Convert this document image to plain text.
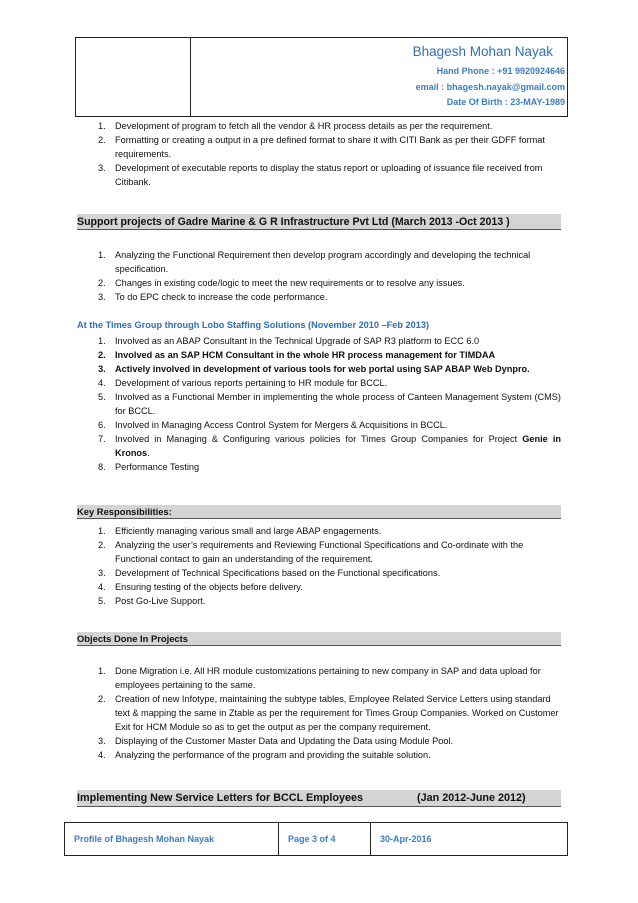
Bhagesh Mohan Nayak
Hand Phone : +91 9920924646
email : bhagesh.nayak@gmail.com
Date Of Birth : 23-MAY-1989
1. Development of program to fetch all the vendor & HR process details as per the requirement.
2. Formatting or creating a output in a pre defined format to share it with CITI Bank as per their GDFF format requirements.
3. Development of executable reports to display the status report or uploading of issuance file received from Citibank.
Support projects of Gadre Marine & G R Infrastructure Pvt Ltd (March 2013 -Oct 2013 )
1. Analyzing the Functional Requirement then develop program accordingly and developing the technical specification.
2. Changes in existing code/logic to meet the new requirements or to resolve any issues.
3. To do EPC check to increase the code performance.
At the Times Group through Lobo Staffing Solutions (November 2010 –Feb 2013)
1. Involved as an ABAP Consultant in the Technical Upgrade of SAP R3 platform to ECC 6.0
2. Involved as an SAP HCM Consultant in the whole HR process management for TIMDAA
3. Actively involved in development of various tools for web portal using SAP ABAP Web Dynpro.
4. Development of various reports pertaining to HR module for BCCL.
5. Involved as a Functional Member in implementing the whole process of Canteen Management System (CMS) for BCCL.
6. Involved in Managing Access Control System for Mergers & Acquisitions in BCCL.
7. Involved in Managing & Configuring various policies for Times Group Companies for Project Genie in Kronos.
8. Performance Testing
Key Responsibilities:
1. Efficiently managing various small and large ABAP engagements.
2. Analyzing the user’s requirements and Reviewing Functional Specifications and Co-ordinate with the Functional contact to gain an understanding of the requirement.
3. Development of Technical Specifications based on the Functional specifications.
4. Ensuring testing of the objects before delivery.
5. Post Go-Live Support.
Objects Done In Projects
1. Done Migration i.e. All HR module customizations pertaining to new company in SAP and data upload for employees pertaining to the same.
2. Creation of new Infotype, maintaining the subtype tables, Employee Related Service Letters using standard text & mapping the same in Ztable as per the requirement for Times Group Companies. Worked on Customer Exit for HCM Module so as to get the output as per the company requirement.
3. Displaying of the Customer Master Data and Updating the Data using Module Pool.
4. Analyzing the performance of the program and providing the suitable solution.
Implementing New Service Letters for BCCL Employees	(Jan 2012-June 2012)
Profile of Bhagesh Mohan Nayak	Page 3 of 4	30-Apr-2016
